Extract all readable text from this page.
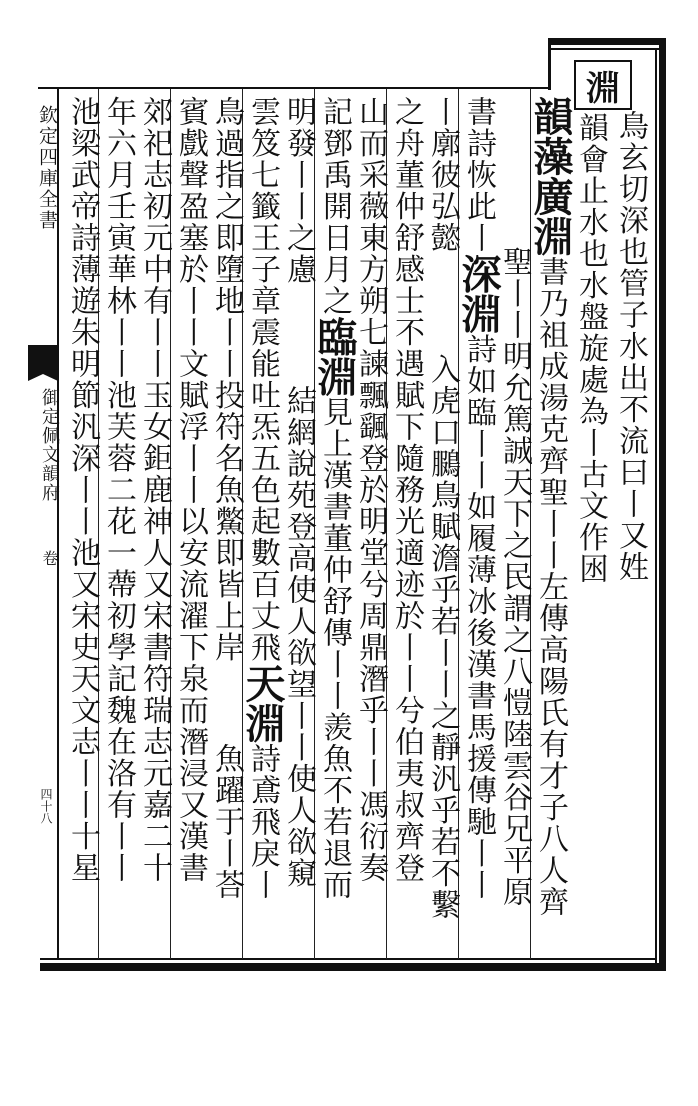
欽定四庫全書
御定佩文韻府
卷
四十八
淵
鳥玄切深也管子水出不流曰丨又姓
韻會止水也水盤旋處為丨古文作囦
韻藻廣淵書乃祖成湯克齊聖丨丨左傳高陽氏有才子八人齊
聖丨丨明允篤誠天下之民謂之八愷陸雲谷兄平原
書詩恢此丨深淵詩如臨丨丨如履薄冰後漢書馬援傳馳丨丨
丨廓彼弘懿入虎口鵩鳥賦澹乎若丨丨之靜汎乎若不繫
之舟董仲舒感士不遇賦下隨務光適迹於丨丨兮伯夷叔齊登
山而采薇東方朔七諫飄颻登於明堂兮周鼎潛乎丨丨馮衍奏
記鄧禹開日月之臨淵見上漢書董仲舒傳丨丨羨魚不若退而
明發丨丨之慮結網說苑登高使人欲望丨丨使人欲窺
雲笈七籤王子章震能吐炁五色起數百丈飛天淵詩鳶飛戾丨
鳥過指之即墮地丨丨投符名魚鱉即皆上岸魚躍于丨荅
賓戲聲盈塞於丨丨文賦浮丨丨以安流濯下泉而潛浸又漢書
郊祀志初元中有丨丨玉女鉅鹿神人又宋書符瑞志元嘉二十
年六月壬寅華林丨丨池芙蓉二花一蔕初學記魏在洛有丨丨
池梁武帝詩薄遊朱明節汎深丨丨池又宋史天文志丨丨十星
